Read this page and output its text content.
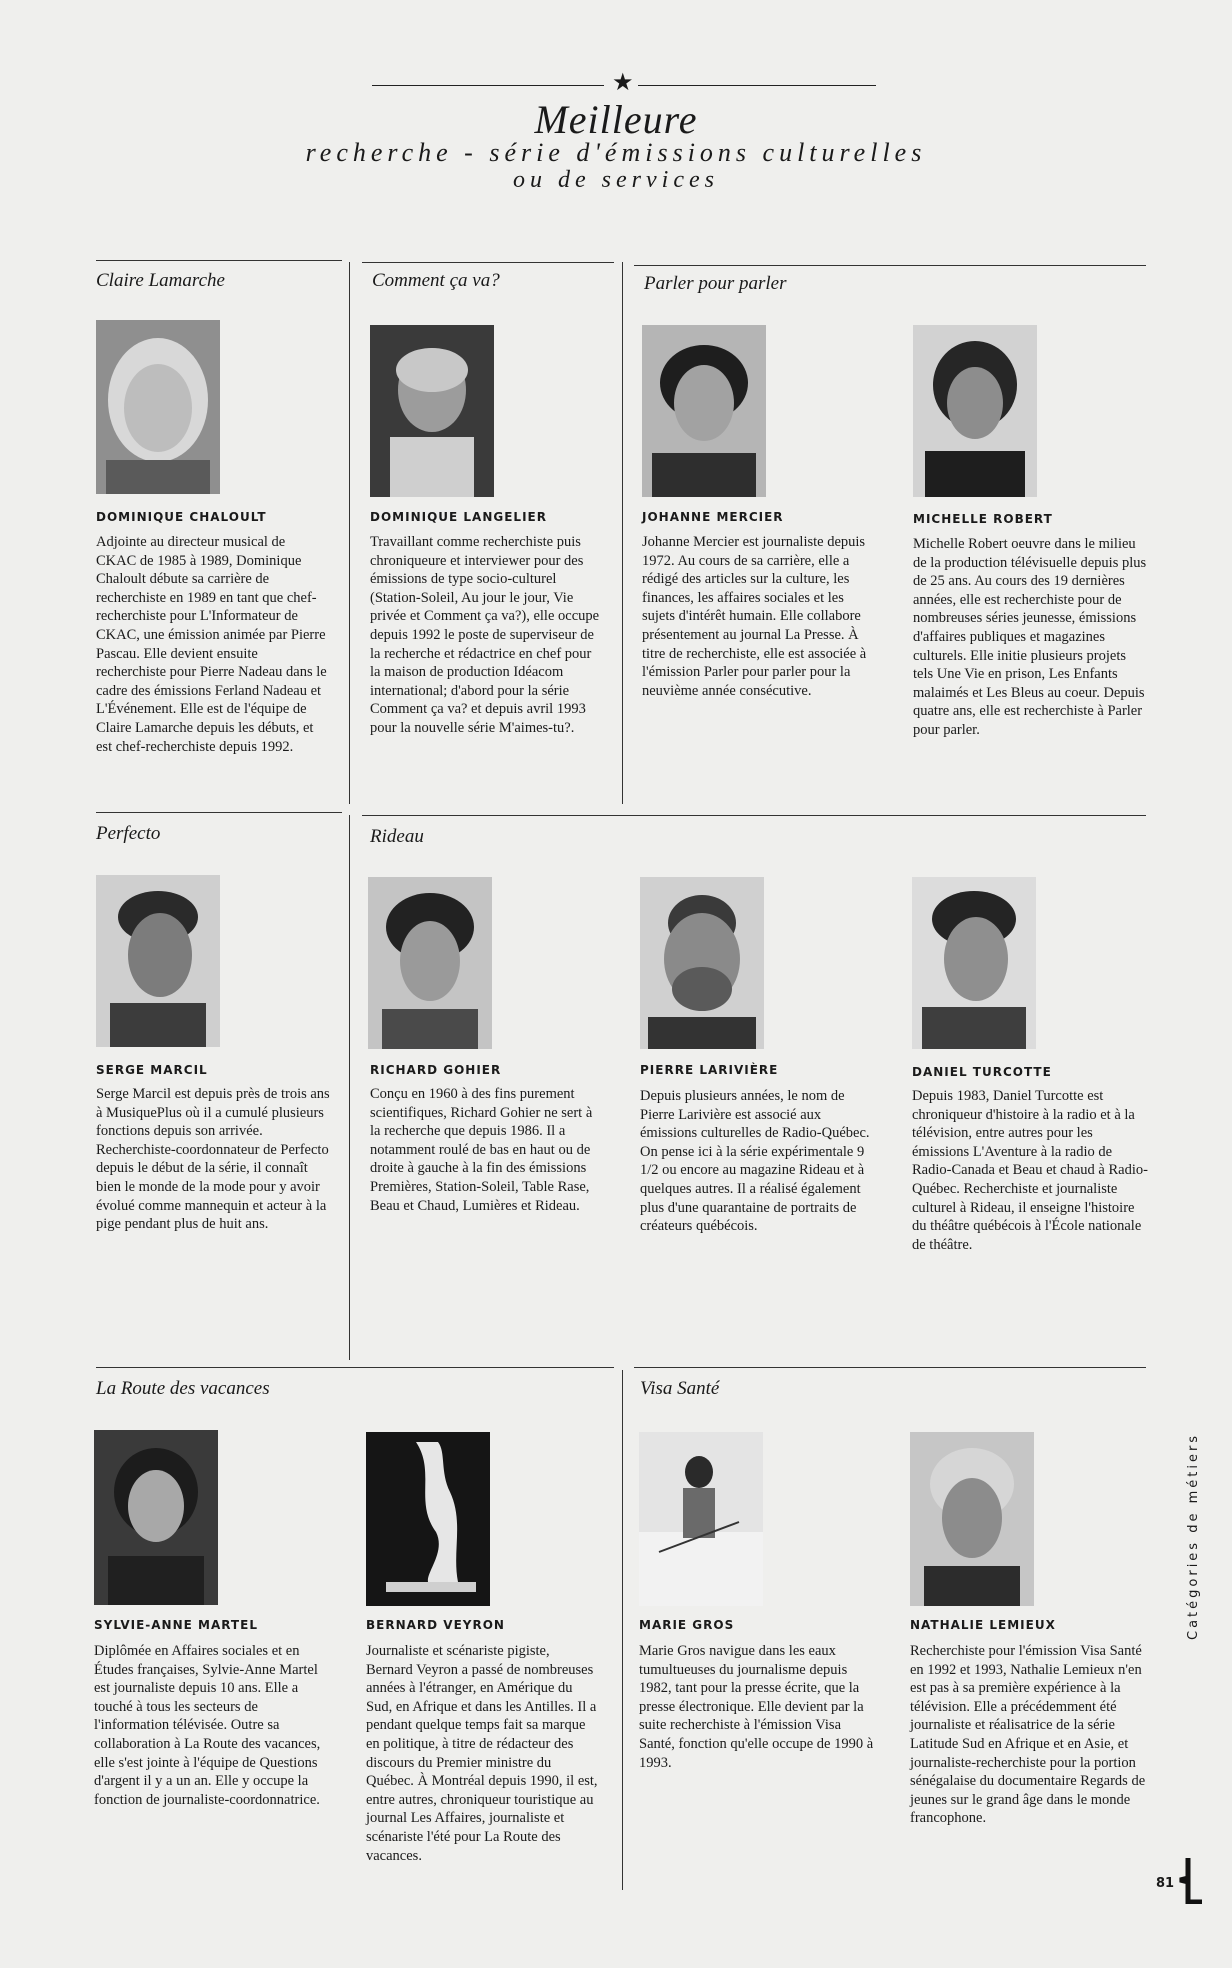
★
Meilleure
recherche - série d'émissions culturelles
ou de services
Claire Lamarche	Comment ça va?	Parler pour parler
Perfecto	Rideau
La Route des vacances	Visa Santé
DOMINIQUE CHALOULT
Adjointe au directeur musical de CKAC de 1985 à 1989, Dominique Chaloult débute sa carrière de recherchiste en 1989 en tant que chef-recherchiste pour L'Informateur de CKAC, une émission animée par Pierre Pascau. Elle devient ensuite recherchiste pour Pierre Nadeau dans le cadre des émissions Ferland Nadeau et L'Événement. Elle est de l'équipe de Claire Lamarche depuis les débuts, et est chef-recherchiste depuis 1992.
DOMINIQUE LANGELIER
Travaillant comme recherchiste puis chroniqueure et interviewer pour des émissions de type socio-culturel (Station-Soleil, Au jour le jour, Vie privée et Comment ça va?), elle occupe depuis 1992 le poste de superviseur de la recherche et rédactrice en chef pour la maison de production Idéacom international; d'abord pour la série Comment ça va? et depuis avril 1993 pour la nouvelle série M'aimes-tu?.
JOHANNE MERCIER
Johanne Mercier est journaliste depuis 1972. Au cours de sa carrière, elle a rédigé des articles sur la culture, les finances, les affaires sociales et les sujets d'intérêt humain. Elle collabore présentement au journal La Presse. À titre de recherchiste, elle est associée à l'émission Parler pour parler pour la neuvième année consécutive.
MICHELLE ROBERT
Michelle Robert oeuvre dans le milieu de la production télévisuelle depuis plus de 25 ans. Au cours des 19 dernières années, elle est recherchiste pour de nombreuses séries jeunesse, émissions d'affaires publiques et magazines culturels. Elle initie plusieurs projets tels Une Vie en prison, Les Enfants malaimés et Les Bleus au coeur. Depuis quatre ans, elle est recherchiste à Parler pour parler.
SERGE MARCIL
Serge Marcil est depuis près de trois ans à MusiquePlus où il a cumulé plusieurs fonctions depuis son arrivée. Recherchiste-coordonnateur de Perfecto depuis le début de la série, il connaît bien le monde de la mode pour y avoir évolué comme mannequin et acteur à la pige pendant plus de huit ans.
RICHARD GOHIER
Conçu en 1960 à des fins purement scientifiques, Richard Gohier ne sert à la recherche que depuis 1986. Il a notamment roulé de bas en haut ou de droite à gauche à la fin des émissions Premières, Station-Soleil, Table Rase, Beau et Chaud, Lumières et Rideau.
PIERRE LARIVIÈRE
Depuis plusieurs années, le nom de Pierre Larivière est associé aux émissions culturelles de Radio-Québec. On pense ici à la série expérimentale 9 1/2 ou encore au magazine Rideau et à quelques autres. Il a réalisé également plus d'une quarantaine de portraits de créateurs québécois.
DANIEL TURCOTTE
Depuis 1983, Daniel Turcotte est chroniqueur d'histoire à la radio et à la télévision, entre autres pour les émissions L'Aventure à la radio de Radio-Canada et Beau et chaud à Radio-Québec. Recherchiste et journaliste culturel à Rideau, il enseigne l'histoire du théâtre québécois à l'École nationale de théâtre.
SYLVIE-ANNE MARTEL
Diplômée en Affaires sociales et en Études françaises, Sylvie-Anne Martel est journaliste depuis 10 ans. Elle a touché à tous les secteurs de l'information télévisée. Outre sa collaboration à La Route des vacances, elle s'est jointe à l'équipe de Questions d'argent il y a un an. Elle y occupe la fonction de journaliste-coordonnatrice.
BERNARD VEYRON
Journaliste et scénariste pigiste, Bernard Veyron a passé de nombreuses années à l'étranger, en Amérique du Sud, en Afrique et dans les Antilles. Il a pendant quelque temps fait sa marque en politique, à titre de rédacteur des discours du Premier ministre du Québec. À Montréal depuis 1990, il est, entre autres, chroniqueur touristique au journal Les Affaires, journaliste et scénariste l'été pour La Route des vacances.
MARIE GROS
Marie Gros navigue dans les eaux tumultueuses du journalisme depuis 1982, tant pour la presse écrite, que la presse électronique. Elle devient par la suite recherchiste à l'émission Visa Santé, fonction qu'elle occupe de 1990 à 1993.
NATHALIE LEMIEUX
Recherchiste pour l'émission Visa Santé en 1992 et 1993, Nathalie Lemieux n'en est pas à sa première expérience à la télévision. Elle a précédemment été journaliste et réalisatrice de la série Latitude Sud en Afrique et en Asie, et journaliste-recherchiste pour la portion sénégalaise du documentaire Regards de jeunes sur le grand âge dans le monde francophone.
Catégories de métiers
81
